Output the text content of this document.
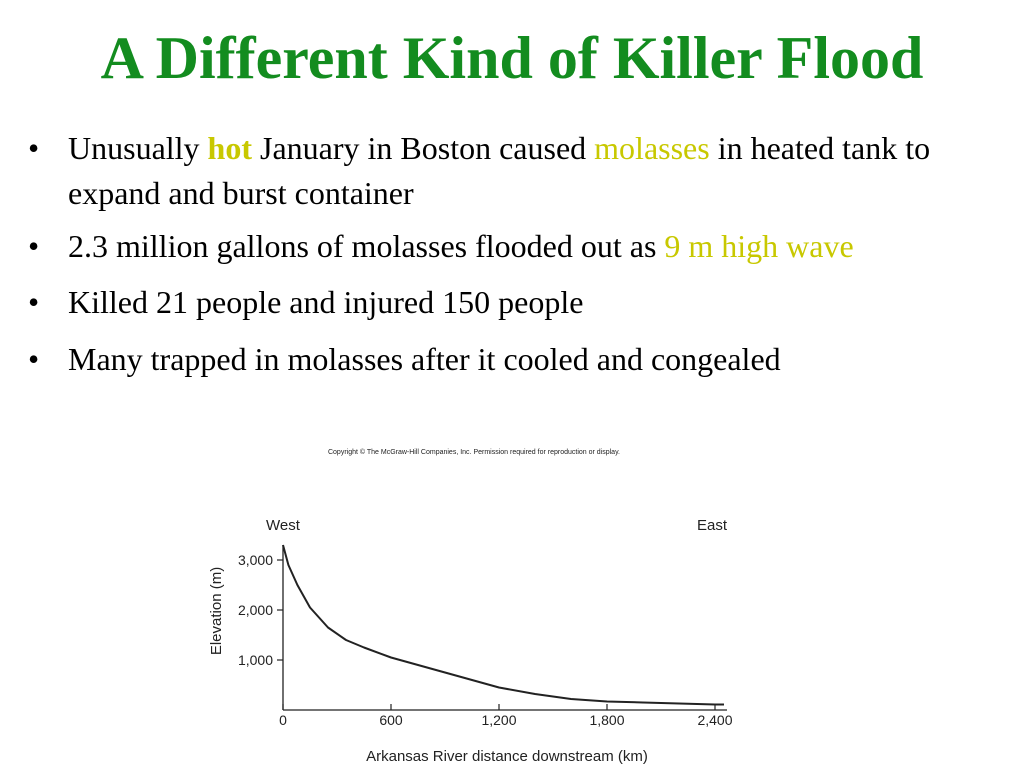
A Different Kind of Killer Flood
• Unusually hot January in Boston caused molasses in heated tank to expand and burst container
• 2.3 million gallons of molasses flooded out as 9 m high wave
• Killed 21 people and injured 150 people
• Many trapped in molasses after it cooled and congealed
Copyright © The McGraw-Hill Companies, Inc. Permission required for reproduction or display.
West	East
Elevation (m)
Arkansas River distance downstream (km)
0	600	1,200	1,800	2,400
1,000
2,000
3,000
